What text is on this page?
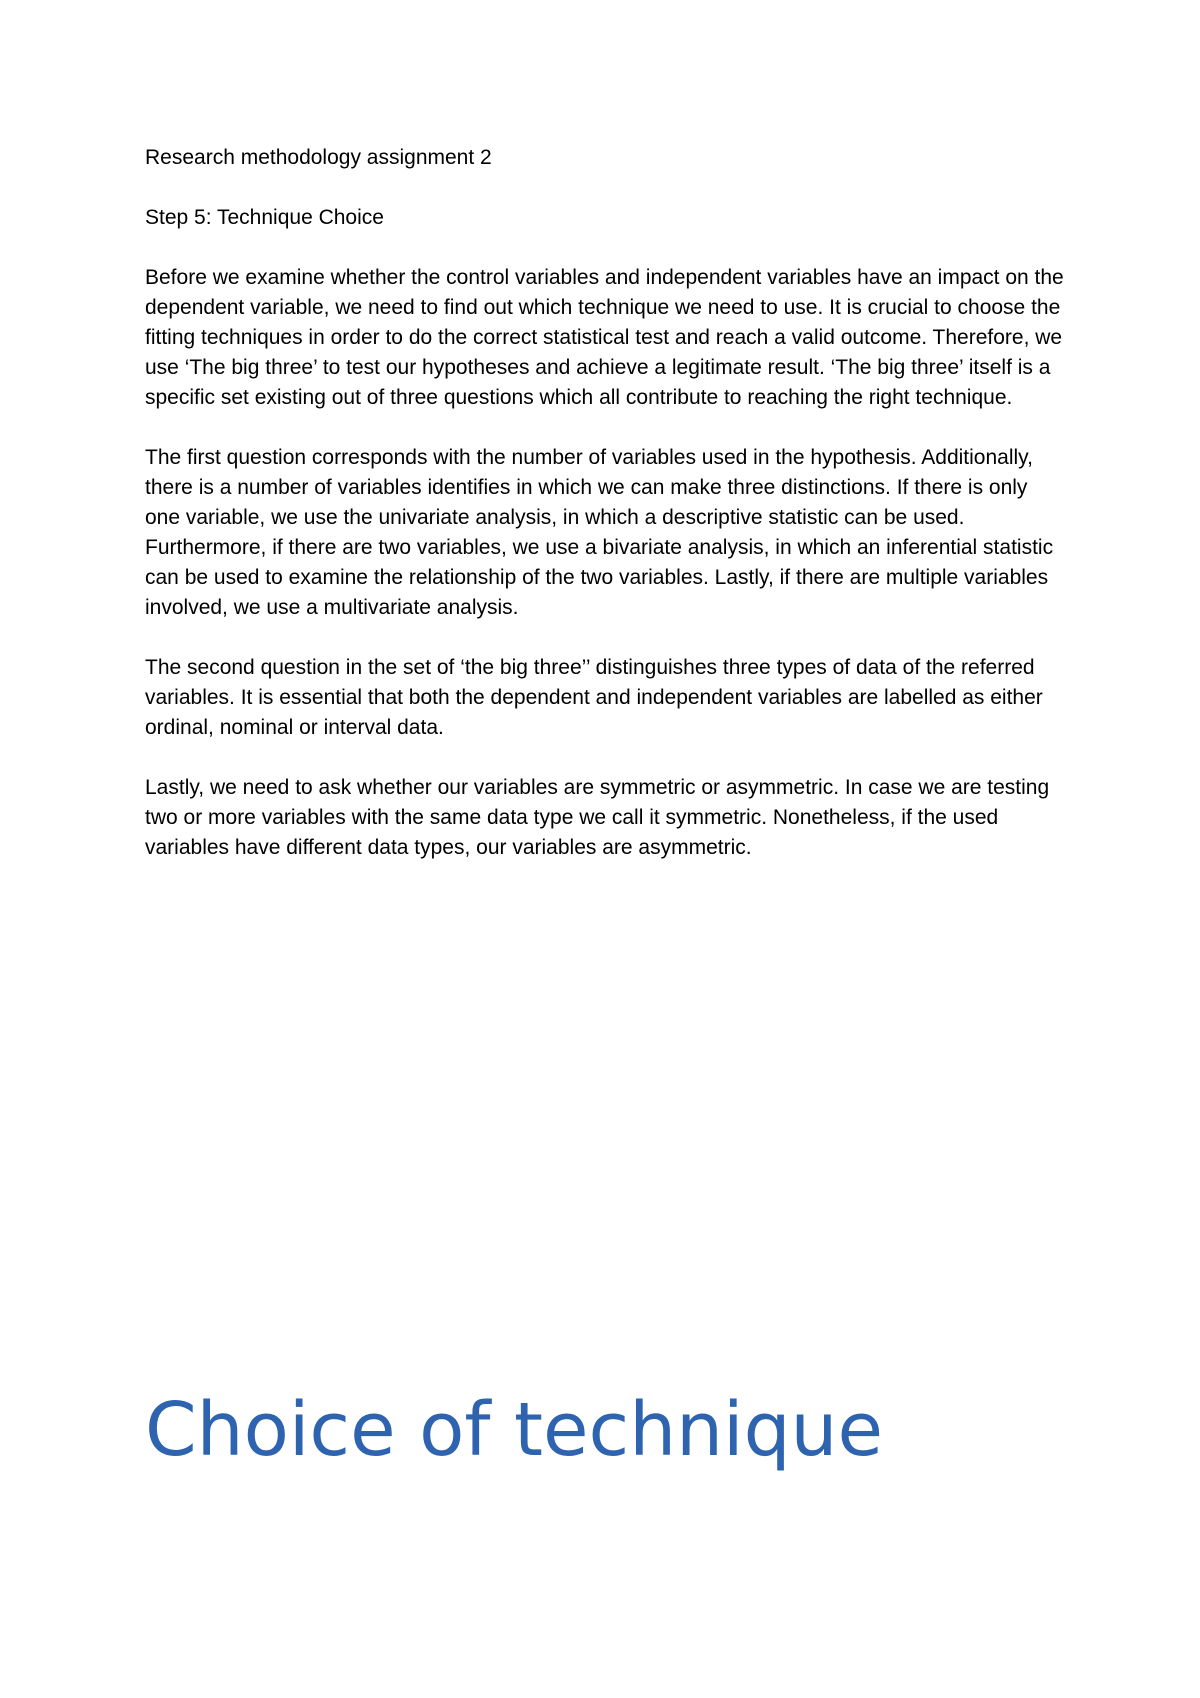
Research methodology assignment 2

Step 5: Technique Choice

Before we examine whether the control variables and independent variables have an impact on the dependent variable, we need to find out which technique we need to use. It is crucial to choose the fitting techniques in order to do the correct statistical test and reach a valid outcome. Therefore, we use ‘The big three’ to test our hypotheses and achieve a legitimate result. ‘The big three’ itself is a specific set existing out of three questions which all contribute to reaching the right technique.

The first question corresponds with the number of variables used in the hypothesis. Additionally, there is a number of variables identifies in which we can make three distinctions. If there is only one variable, we use the univariate analysis, in which a descriptive statistic can be used. Furthermore, if there are two variables, we use a bivariate analysis, in which an inferential statistic can be used to examine the relationship of the two variables. Lastly, if there are multiple variables involved, we use a multivariate analysis.

The second question in the set of ‘the big three’’ distinguishes three types of data of the referred variables. It is essential that both the dependent and independent variables are labelled as either ordinal, nominal or interval data.

Lastly, we need to ask whether our variables are symmetric or asymmetric. In case we are testing two or more variables with the same data type we call it symmetric. Nonetheless, if the used variables have different data types, our variables are asymmetric.

Choice of technique
